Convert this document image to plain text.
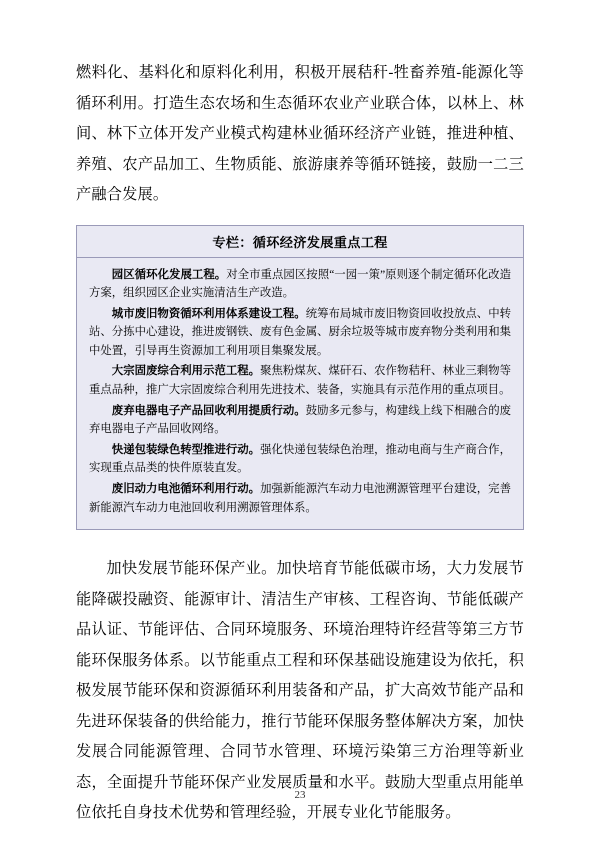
燃料化、基料化和原料化利用，积极开展秸秆-牲畜养殖-能源化等循环利用。打造生态农场和生态循环农业产业联合体，以林上、林间、林下立体开发产业模式构建林业循环经济产业链，推进种植、养殖、农产品加工、生物质能、旅游康养等循环链接，鼓励一二三产融合发展。

专栏：循环经济发展重点工程

园区循环化发展工程。对全市重点园区按照“一园一策”原则逐个制定循环化改造方案，组织园区企业实施清洁生产改造。

城市废旧物资循环利用体系建设工程。统筹布局城市废旧物资回收投放点、中转站、分拣中心建设，推进废钢铁、废有色金属、厨余垃圾等城市废弃物分类利用和集中处置，引导再生资源加工利用项目集聚发展。

大宗固废综合利用示范工程。聚焦粉煤灰、煤矸石、农作物秸秆、林业三剩物等重点品种，推广大宗固废综合利用先进技术、装备，实施具有示范作用的重点项目。

废弃电器电子产品回收利用提质行动。鼓励多元参与，构建线上线下相融合的废弃电器电子产品回收网络。

快递包装绿色转型推进行动。强化快递包装绿色治理，推动电商与生产商合作，实现重点品类的快件原装直发。

废旧动力电池循环利用行动。加强新能源汽车动力电池溯源管理平台建设，完善新能源汽车动力电池回收利用溯源管理体系。

加快发展节能环保产业。加快培育节能低碳市场，大力发展节能降碳投融资、能源审计、清洁生产审核、工程咨询、节能低碳产品认证、节能评估、合同环境服务、环境治理特许经营等第三方节能环保服务体系。以节能重点工程和环保基础设施建设为依托，积极发展节能环保和资源循环利用装备和产品，扩大高效节能产品和先进环保装备的供给能力，推行节能环保服务整体解决方案，加快发展合同能源管理、合同节水管理、环境污染第三方治理等新业态，全面提升节能环保产业发展质量和水平。鼓励大型重点用能单位依托自身技术优势和管理经验，开展专业化节能服务。

23
